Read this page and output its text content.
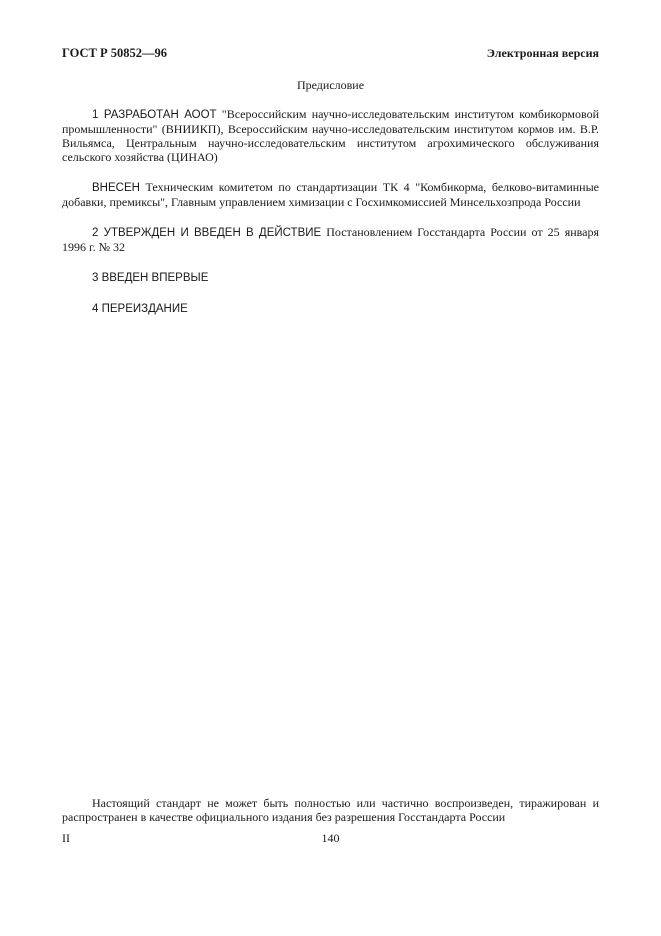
ГОСТ Р 50852—96	Электронная версия
Предисловие

1 РАЗРАБОТАН АООТ "Всероссийским научно-исследовательским институтом комбикормовой промышленности" (ВНИИКП), Всероссийским научно-исследовательским институтом кормов им. В.Р. Вильямса, Центральным научно-исследовательским институтом агрохимического обслуживания сельского хозяйства (ЦИНАО)

ВНЕСЕН Техническим комитетом по стандартизации ТК 4 "Комбикорма, белково-витаминные добавки, премиксы", Главным управлением химизации с Госхимкомиссией Минсельхозпрода России

2 УТВЕРЖДЕН И ВВЕДЕН В ДЕЙСТВИЕ Постановлением Госстандарта России от 25 января 1996 г. № 32

3 ВВЕДЕН ВПЕРВЫЕ

4 ПЕРЕИЗДАНИЕ

Настоящий стандарт не может быть полностью или частично воспроизведен, тиражирован и распространен в качестве официального издания без разрешения Госстандарта России

II	140
